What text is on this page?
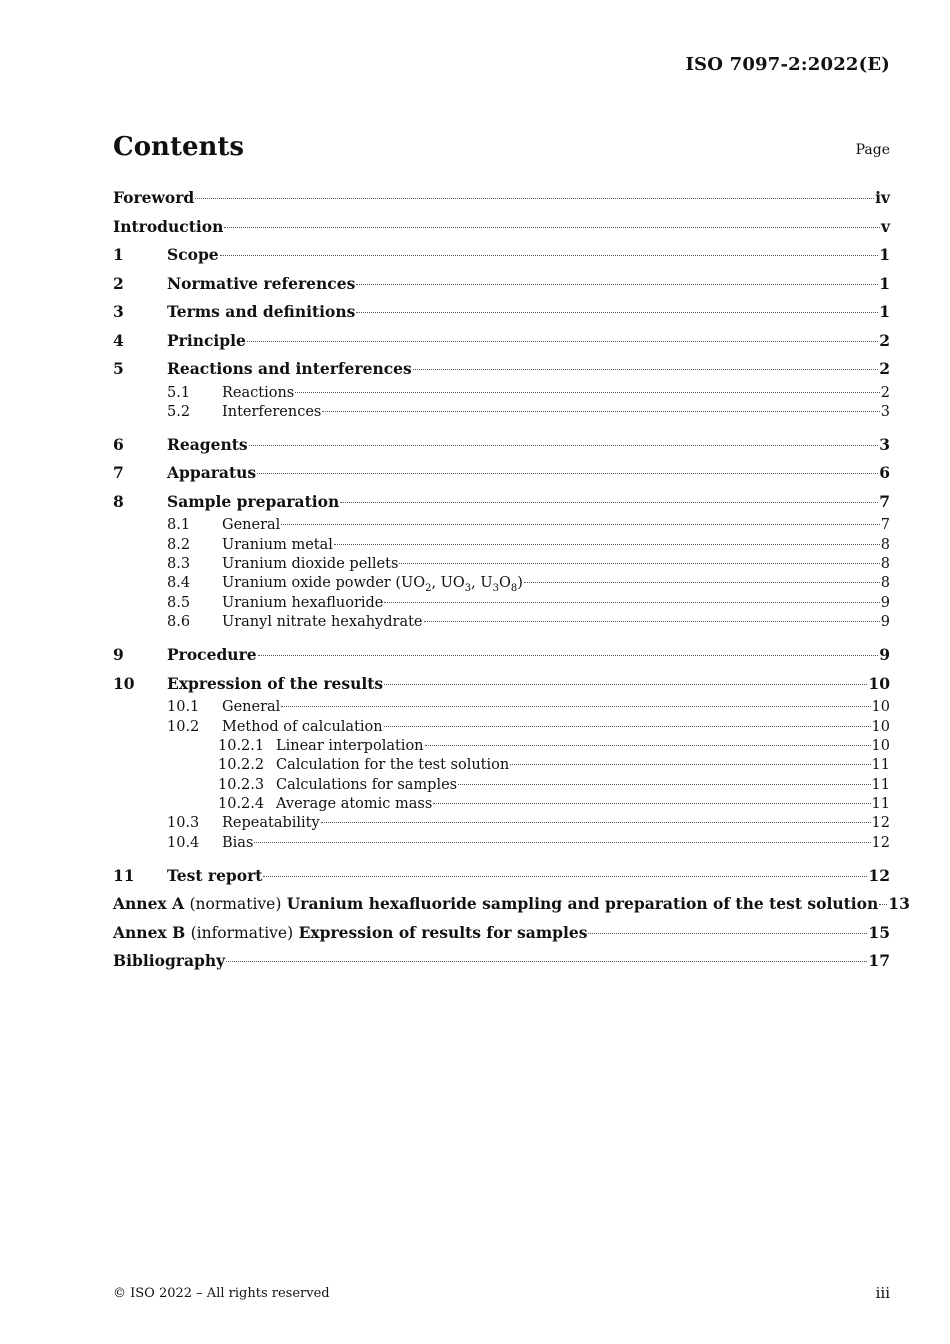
ISO 7097-2:2022(E)
Contents	Page
Foreword	iv
Introduction	v
1	Scope	1
2	Normative references	1
3	Terms and definitions	1
4	Principle	2
5	Reactions and interferences	2
5.1	Reactions	2
5.2	Interferences	3
6	Reagents	3
7	Apparatus	6
8	Sample preparation	7
8.1	General	7
8.2	Uranium metal	8
8.3	Uranium dioxide pellets	8
8.4	Uranium oxide powder ($UO_2$, $UO_3$, $U_3O_8$)	8
8.5	Uranium hexafluoride	9
8.6	Uranyl nitrate hexahydrate	9
9	Procedure	9
10	Expression of the results	10
10.1	General	10
10.2	Method of calculation	10
10.2.1 Linear interpolation	10
10.2.2 Calculation for the test solution	11
10.2.3 Calculations for samples	11
10.2.4 Average atomic mass	11
10.3	Repeatability	12
10.4	Bias	12
11	Test report	12
Annex A (normative) Uranium hexafluoride sampling and preparation of the test solution 13
Annex B (informative) Expression of results for samples	15
Bibliography	17
© ISO 2022 – All rights reserved	iii
